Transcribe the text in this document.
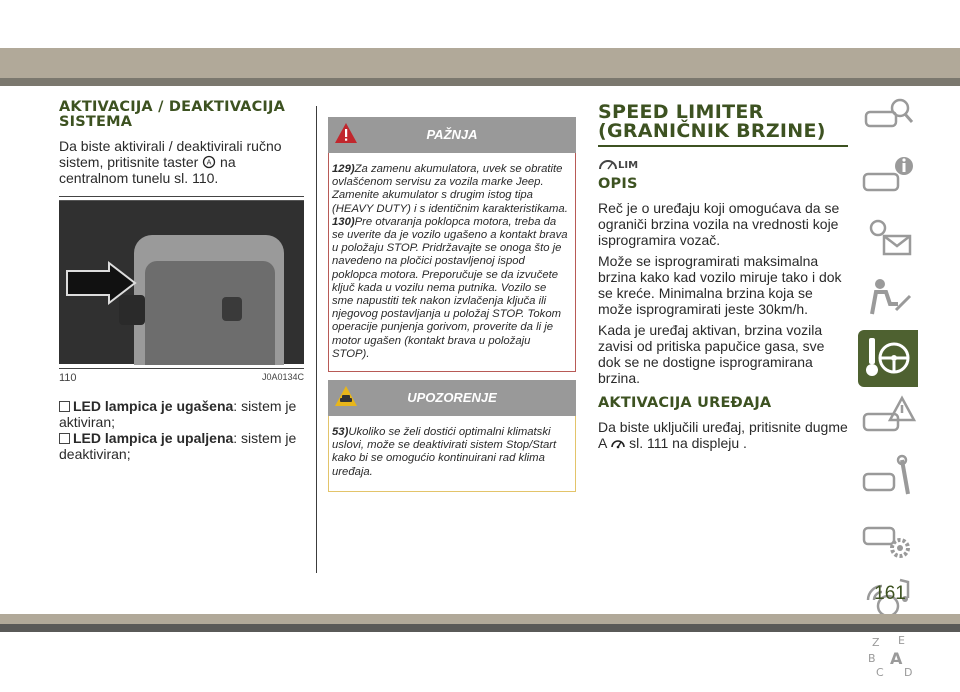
AKTIVACIJA / DEAKTIVACIJA SISTEMA

Da biste aktivirali / deaktivirali ručno sistem, pritisnite taster A na centralnom tunelu sl. 110.

110	J0A0134C

LED lampica je ugašena: sistem je aktiviran;

LED lampica je upaljena: sistem je deaktiviran;

PAŽNJA
129)Za zamenu akumulatora, uvek se obratite ovlašćenom servisu za vozila marke Jeep. Zamenite akumulator s drugim istog tipa (HEAVY DUTY) i s identičnim karakteristikama.
130)Pre otvaranja poklopca motora, treba da se uverite da je vozilo ugašeno a kontakt brava u položaju STOP. Pridržavajte se onoga što je navedeno na pločici postavljenoj ispod poklopca motora. Preporučuje se da izvučete ključ kada u vozilu nema putnika. Vozilo se sme napustiti tek nakon izvlačenja ključa ili njegovog postavljanja u položaj STOP. Tokom operacije punjenja gorivom, proverite da li je motor ugašen (kontakt brava u položaju STOP).
UPOZORENJE
53)Ukoliko se želi dostići optimalni klimatski uslovi, može se deaktivirati sistem Stop/Start kako bi se omogućio kontinuirani rad klima uređaja.
SPEED LIMITER (GRANIČNIK BRZINE)
LIM
OPIS

Reč je o uređaju koji omogućava da se ograniči brzina vozila na vrednosti koje isprogramira vozač.

Može se isprogramirati maksimalna brzina kako kad vozilo miruje tako i dok se kreće. Minimalna brzina koja se može isprogramirati jeste 30km/h.

Kada je uređaj aktivan, brzina vozila zavisi od pritiska papučice gasa, sve dok se ne dostigne isprogramirana brzina.

AKTIVACIJA UREĐAJA

Da biste uključili uređaj, pritisnite dugme A sl. 111 na displeju .

Z E
B A
C D
161
